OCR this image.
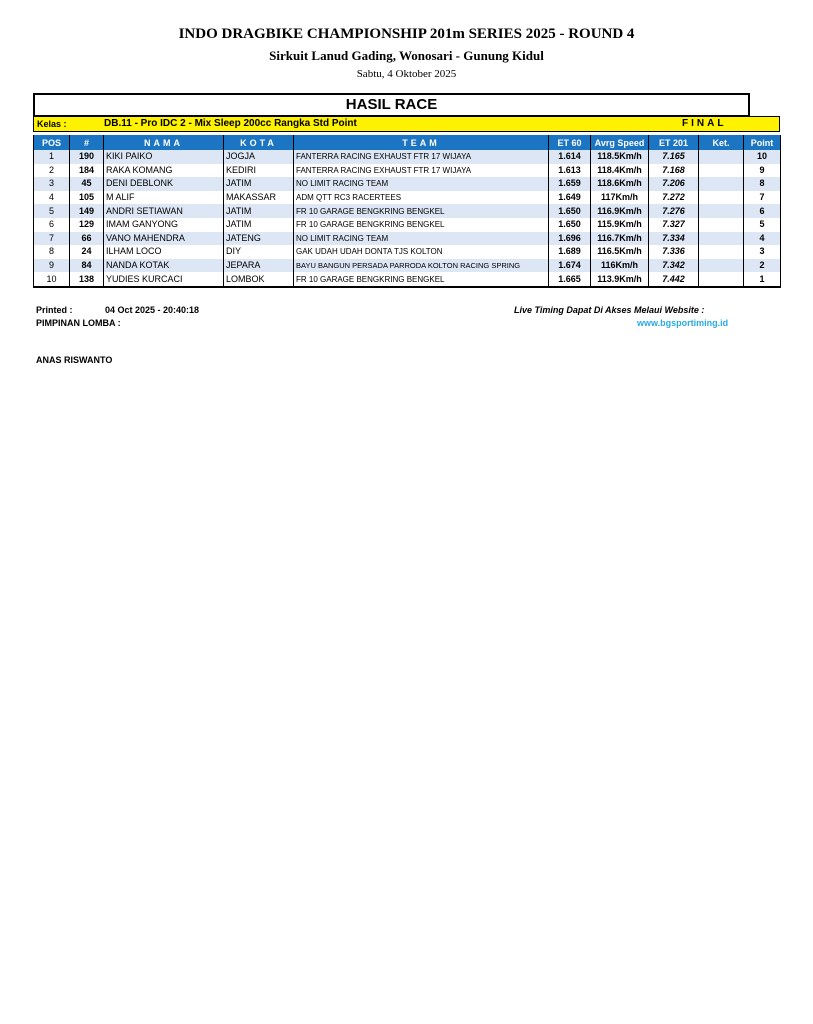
INDO DRAGBIKE CHAMPIONSHIP 201m SERIES 2025 - ROUND 4
Sirkuit Lanud Gading, Wonosari - Gunung Kidul
Sabtu, 4 Oktober 2025
HASIL RACE
Kelas :	DB.11 - Pro IDC 2 - Mix Sleep 200cc Rangka Std Point	FINAL
POS	#	NAMA	KOTA	TEAM	ET 60	Avrg Speed	ET 201	Ket.	Point
1	190	KIKI PAIKO	JOGJA	FANTERRA RACING EXHAUST FTR 17 WIJAYA	1.614	118.5Km/h	7.165		10
2	184	RAKA KOMANG	KEDIRI	FANTERRA RACING EXHAUST FTR 17 WIJAYA	1.613	118.4Km/h	7.168		9
3	45	DENI DEBLONK	JATIM	NO LIMIT RACING TEAM	1.659	118.6Km/h	7.206		8
4	105	M ALIF	MAKASSAR	ADM QTT RC3 RACERTEES	1.649	117Km/h	7.272		7
5	149	ANDRI SETIAWAN	JATIM	FR 10 GARAGE BENGKRING BENGKEL	1.650	116.9Km/h	7.276		6
6	129	IMAM GANYONG	JATIM	FR 10 GARAGE BENGKRING BENGKEL	1.650	115.9Km/h	7.327		5
7	66	VANO MAHENDRA	JATENG	NO LIMIT RACING TEAM	1.696	116.7Km/h	7.334		4
8	24	ILHAM LOCO	DIY	GAK UDAH UDAH DONTA TJS KOLTON	1.689	116.5Km/h	7.336		3
9	84	NANDA KOTAK	JEPARA	BAYU BANGUN PERSADA PARRODA KOLTON RACING SPRING	1.674	116Km/h	7.342		2
10	138	YUDIES KURCACI	LOMBOK	FR 10 GARAGE BENGKRING BENGKEL	1.665	113.9Km/h	7.442		1
Printed :	04 Oct 2025 - 20:40:18
PIMPINAN LOMBA :
Live Timing Dapat Di Akses Melaui Website :
www.bgsportiming.id
ANAS RISWANTO
